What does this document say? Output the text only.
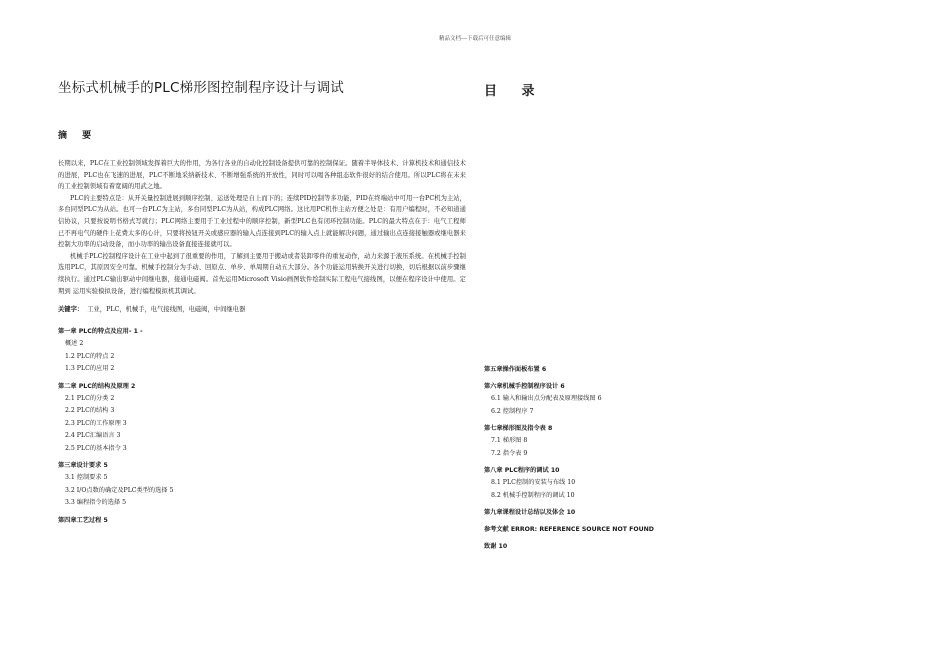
精品文档---下载后可任意编辑
坐标式机械手的PLC梯形图控制程序设计与调试
摘 要

长期以来，PLC在工业控制领域发挥着巨大的作用，为各行各业的自动化控制设备提供可靠的控制保证。随着半导体技术、计算机技术和通信技术的进展，PLC也在飞速的进展，PLC不断地采纳新技术、不断增强系统的开放性，同时可以喝各种组态软件很好的结合使用。所以PLC将在未来的工业控制领域有着宽阔的用武之地。

PLC的主要特点是：从开关量控制进展到顺序控制、运送处理是自上而下的；连续PID控制等多功能，PID在终端站中可用一台PC机为主站，多台同型PLC为从站。也可一台PLC为主站，多台同型PLC为从站，构成PLC网络。这比用PC机作主站方便之处是：有用户编程时，不必知道通信协议，只要按说明书格式写就行；PLC网络主要用于工业过程中的顺序控制，新型PLC也有闭环控制功能。PLC的最大特点在于：电气工程师已不再电气的硬件上花费太多的心计，只要将按钮开关或感应器的输入点连接到PLC的输入点上就能解决问题，通过输出点连接接触器或继电器来控制大功率的启动设备，而小功率的输出设备直接连接就可以。

机械手PLC控制程序设计在工业中起到了很重要的作用，了解到主要用于搬动或者装卸零件的重复动作，动力来源于液压系统。在机械手控制选用PLC，其原因安全可靠。机械手控制分为手动、回原点、单步、单周期自动五大部分。各个功能运用转换开关进行切换，切后根据以前步骤继续执行。通过PLC输出驱动中间继电器，接通电磁阀。首先运用Microsoft Visio画图软件绘制实际工程电气接线图，以便在程序设计中使用。定期到 运用实验模拟设备，进行编程模拟机其调试。

关键字： 工业，PLC，机械手，电气接线图，电磁阀，中间继电器
第一章 PLC的特点及应用- 1 -
概述 2
1.2 PLC的特点 2
1.3 PLC的应用 2
第二章 PLC的结构及原理 2
2.1 PLC的分类 2
2.2 PLC的结构 3
2.3 PLC的工作原理 3
2.4 PLC汇编语言 3
2.5 PLC的基本指令 3
第三章设计要求 5
3.1 控制要求 5
3.2 I/O点数的确定及PLC类型的选择 5
3.3 编程指令的选择 5
第四章工艺过程 5
目 录
第五章操作面板布置 6
第六章机械手控制程序设计 6
6.1 输入和输出点分配表及原理接线图 6
6.2 控制程序 7
第七章梯形图及指令表 8
7.1 梯形图 8
7.2 指令表 9
第八章 PLC程序的调试 10
8.1 PLC控制的安装与布线 10
8.2 机械手控制程序的调试 10
第九章课程设计总结以及体会 10
参考文献 ERROR: REFERENCE SOURCE NOT FOUND
致谢 10
